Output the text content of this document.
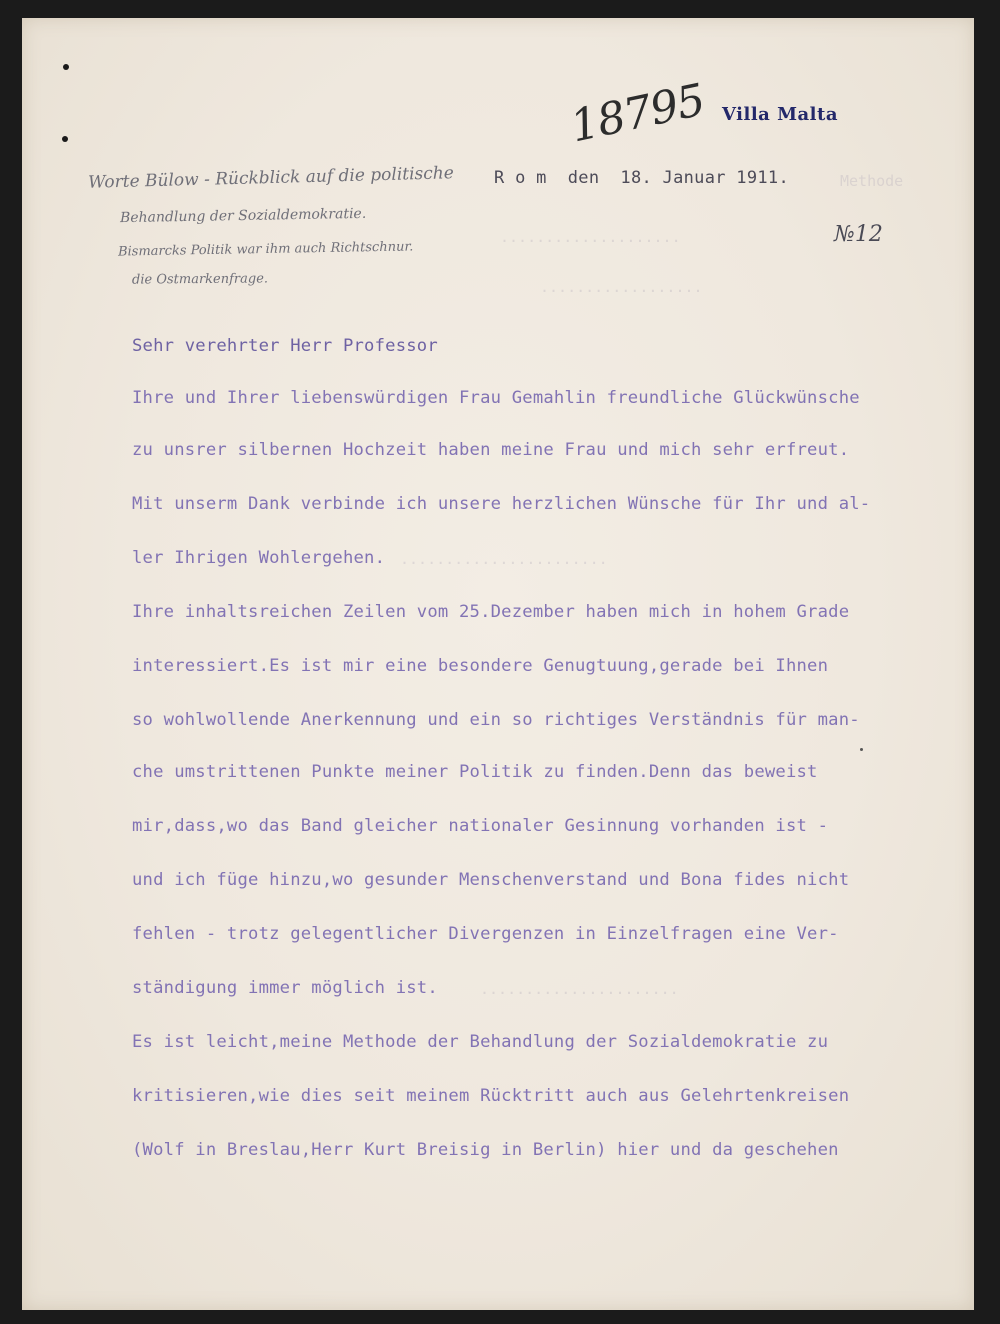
Methode
····················
··················
·······················
······················
18795 Villa Malta
Worte Bülow - Rückblick auf die politische
Behandlung der Sozialdemokratie.
Bismarcks Politik war ihm auch Richtschnur.
die Ostmarkenfrage.
№12
R o m  den  18. Januar 1911.
Sehr verehrter Herr Professor
Ihre und Ihrer liebenswürdigen Frau Gemahlin freundliche Glückwünsche
zu unsrer silbernen Hochzeit haben meine Frau und mich sehr erfreut.
Mit unserm Dank verbinde ich unsere herzlichen Wünsche für Ihr und al-
ler Ihrigen Wohlergehen.
Ihre inhaltsreichen Zeilen vom 25.Dezember haben mich in hohem Grade
interessiert.Es ist mir eine besondere Genugtuung,gerade bei Ihnen
so wohlwollende Anerkennung und ein so richtiges Verständnis für man-
che umstrittenen Punkte meiner Politik zu finden.Denn das beweist
mir,dass,wo das Band gleicher nationaler Gesinnung vorhanden ist -
und ich füge hinzu,wo gesunder Menschenverstand und Bona fides nicht
fehlen - trotz gelegentlicher Divergenzen in Einzelfragen eine Ver-
ständigung immer möglich ist.
Es ist leicht,meine Methode der Behandlung der Sozialdemokratie zu
kritisieren,wie dies seit meinem Rücktritt auch aus Gelehrtenkreisen
(Wolf in Breslau,Herr Kurt Breisig in Berlin) hier und da geschehen
